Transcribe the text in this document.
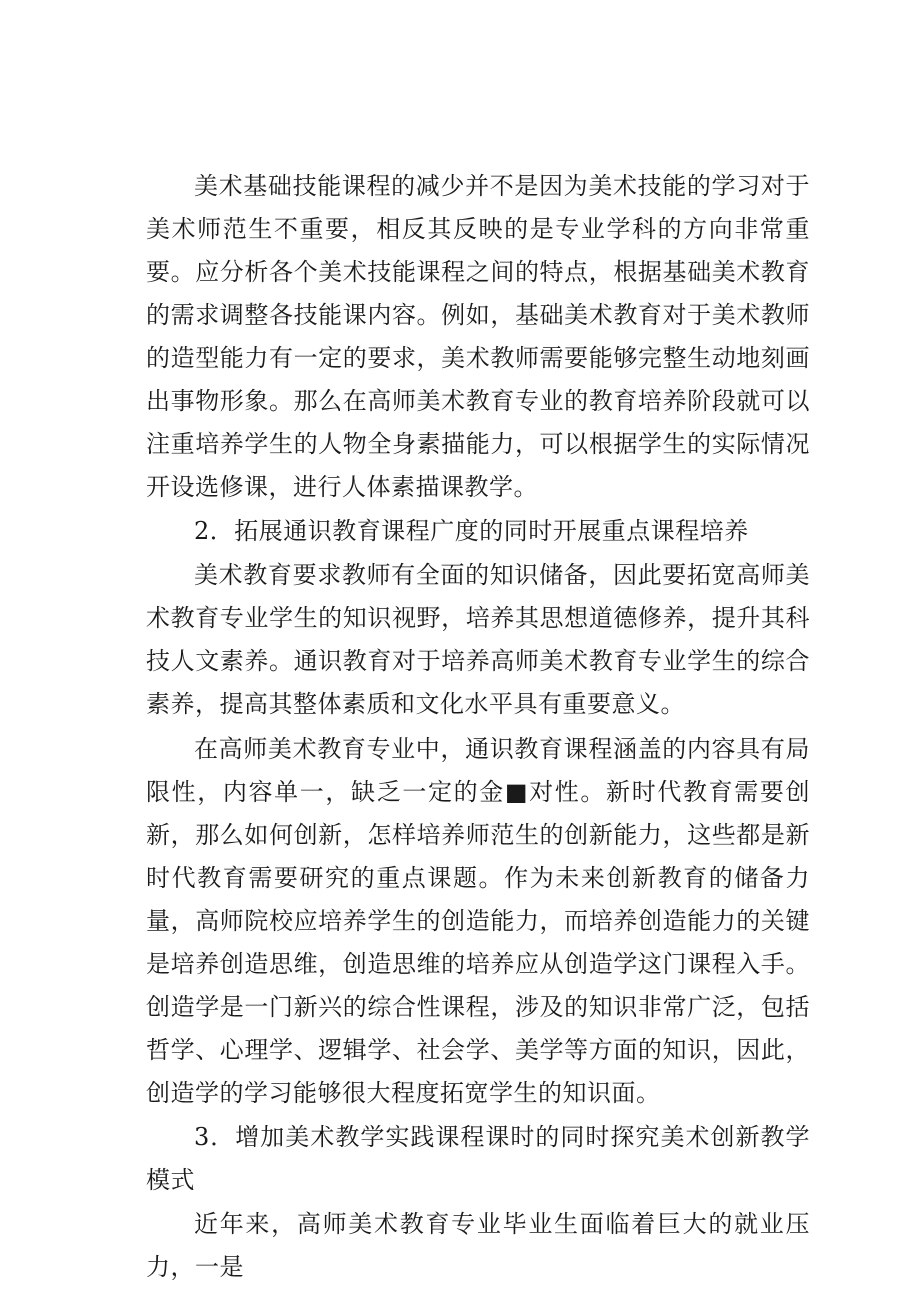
美术基础技能课程的减少并不是因为美术技能的学习对于美术师范生不重要，相反其反映的是专业学科的方向非常重要。应分析各个美术技能课程之间的特点，根据基础美术教育的需求调整各技能课内容。例如，基础美术教育对于美术教师的造型能力有一定的要求，美术教师需要能够完整生动地刻画出事物形象。那么在高师美术教育专业的教育培养阶段就可以注重培养学生的人物全身素描能力，可以根据学生的实际情况开设选修课，进行人体素描课教学。

2．拓展通识教育课程广度的同时开展重点课程培养

美术教育要求教师有全面的知识储备，因此要拓宽高师美术教育专业学生的知识视野，培养其思想道德修养，提升其科技人文素养。通识教育对于培养高师美术教育专业学生的综合素养，提高其整体素质和文化水平具有重要意义。

在高师美术教育专业中，通识教育课程涵盖的内容具有局限性，内容单一，缺乏一定的金■对性。新时代教育需要创新，那么如何创新，怎样培养师范生的创新能力，这些都是新时代教育需要研究的重点课题。作为未来创新教育的储备力量，高师院校应培养学生的创造能力，而培养创造能力的关键是培养创造思维，创造思维的培养应从创造学这门课程入手。创造学是一门新兴的综合性课程，涉及的知识非常广泛，包括哲学、心理学、逻辑学、社会学、美学等方面的知识，因此，创造学的学习能够很大程度拓宽学生的知识面。

3．增加美术教学实践课程课时的同时探究美术创新教学模式

近年来，高师美术教育专业毕业生面临着巨大的就业压力，一是
